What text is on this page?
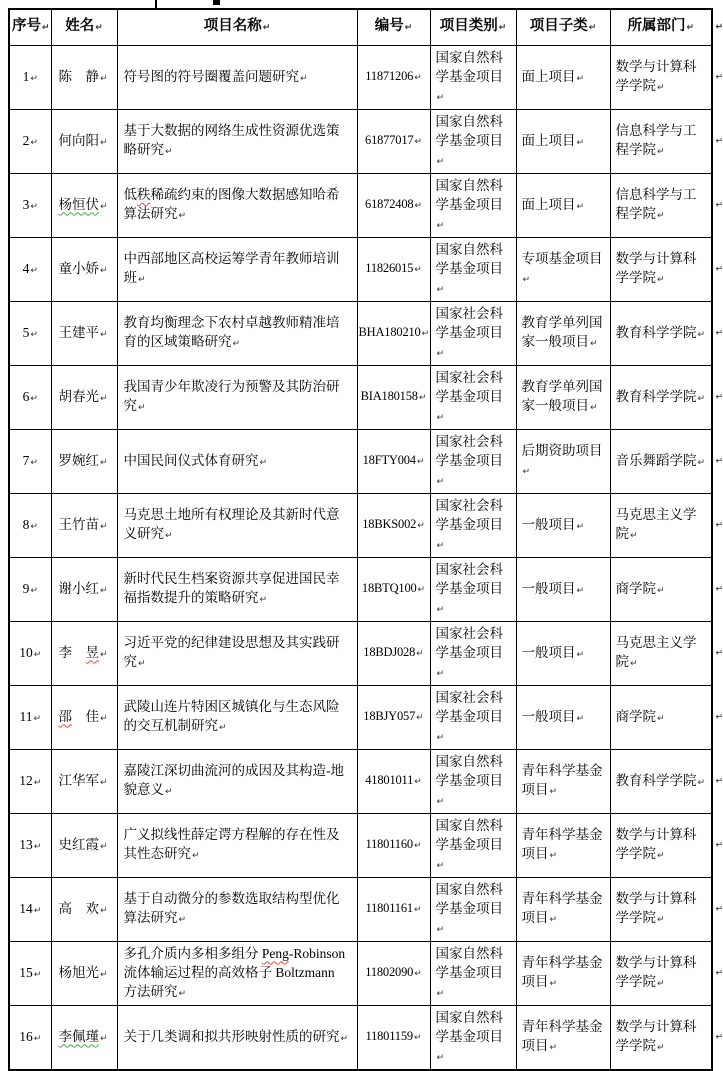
序号↵	姓名↵	项目名称↵	编号↵	项目类别↵	项目子类↵	所属部门↵ ↵

1↵	陈　静↵	符号图的符号圈覆盖问题研究↵	11871206↵	国家自然科学基金项目↵	面上项目↵	数学与计算科学学院↵
↵

2↵	何向阳↵	基于大数据的网络生成性资源优选策略研究↵	61877017↵	国家自然科学基金项目↵	面上项目↵	信息科学与工程学院↵
↵

3↵	杨恒伏↵	低秩稀疏约束的图像大数据感知哈希算法研究↵	61872408↵	国家自然科学基金项目↵	面上项目↵	信息科学与工程学院↵
↵

4↵	童小娇↵	中西部地区高校运筹学青年教师培训班↵	11826015↵	国家自然科学基金项目↵	专项基金项目↵	数学与计算科学学院↵
↵

5↵	王建平↵	教育均衡理念下农村卓越教师精准培育的区域策略研究↵	BHA180210↵	国家社会科学基金项目↵	教育学单列国家一般项目↵	教育科学学院↵ ↵

6↵	胡春光↵	我国青少年欺凌行为预警及其防治研究↵	BIA180158↵	国家社会科学基金项目↵	教育学单列国家一般项目↵	教育科学学院↵ ↵

7↵	罗婉红↵	中国民间仪式体育研究↵	18FTY004↵	国家社会科学基金项目↵	后期资助项目↵	音乐舞蹈学院↵ ↵

8↵	王竹苗↵	马克思土地所有权理论及其新时代意义研究↵	18BKS002↵	国家社会科学基金项目↵	一般项目↵	马克思主义学院↵
↵

9↵	谢小红↵	新时代民生档案资源共享促进国民幸福指数提升的策略研究↵	18BTQ100↵	国家社会科学基金项目↵	一般项目↵	商学院↵ ↵

10↵	李　昱↵	习近平党的纪律建设思想及其实践研究↵	18BDJ028↵	国家社会科学基金项目↵	一般项目↵	马克思主义学院↵
↵

11↵	邵　佳↵	武陵山连片特困区城镇化与生态风险的交互机制研究↵	18BJY057↵	国家社会科学基金项目↵	一般项目↵	商学院↵ ↵

12↵	江华军↵	嘉陵江深切曲流河的成因及其构造-地貌意义↵	41801011↵	国家自然科学基金项目↵	青年科学基金项目↵	教育科学学院↵ ↵

13↵	史红霞↵	广义拟线性薛定谔方程解的存在性及其性态研究↵	11801160↵	国家自然科学基金项目↵	青年科学基金项目↵	数学与计算科学学院↵
↵

14↵	高　欢↵	基于自动微分的参数选取结构型优化算法研究↵	11801161↵	国家自然科学基金项目↵	青年科学基金项目↵	数学与计算科学学院↵
↵

15↵	杨旭光↵	多孔介质内多相多组分 Peng-Robinson 流体输运过程的高效格子 Boltzmann 方法研究↵	11802090↵	国家自然科学基金项目↵	青年科学基金项目↵	数学与计算科学学院↵
↵

16↵	李佩瑾↵	关于几类调和拟共形映射性质的研究↵	11801159↵	国家自然科学基金项目↵	青年科学基金项目↵	数学与计算科学学院↵
↵
